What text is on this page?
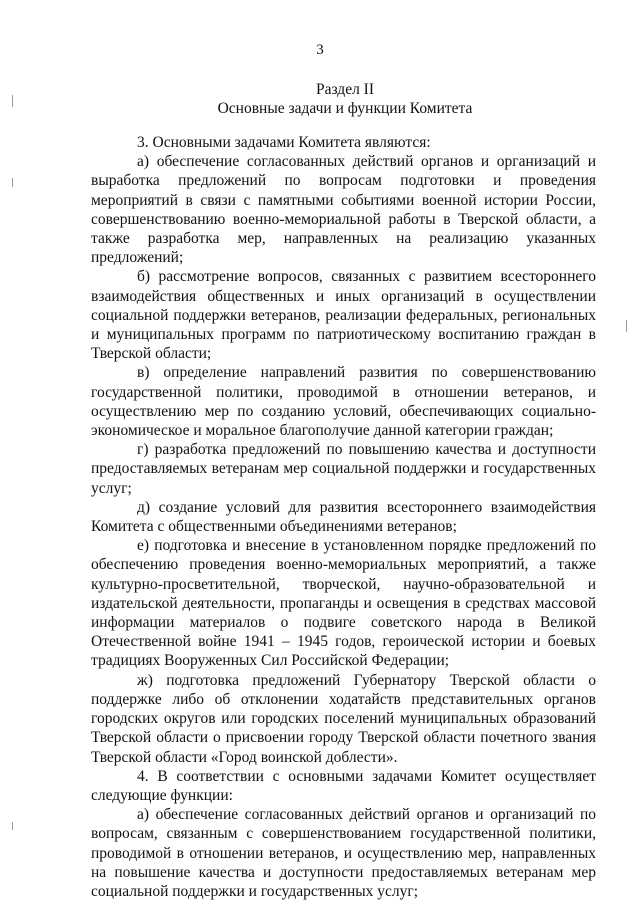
3
Раздел II
Основные задачи и функции Комитета

3. Основными задачами Комитета являются:

а) обеспечение согласованных действий органов и организаций и выработка предложений по вопросам подготовки и проведения мероприятий в связи с памятными событиями военной истории России, совершенствованию военно-мемориальной работы в Тверской области, а также разработка мер, направленных на реализацию указанных предложений;

б) рассмотрение вопросов, связанных с развитием всестороннего взаимодействия общественных и иных организаций в осуществлении социальной поддержки ветеранов, реализации федеральных, региональных и муниципальных программ по патриотическому воспитанию граждан в Тверской области;

в) определение направлений развития по совершенствованию государственной политики, проводимой в отношении ветеранов, и осуществлению мер по созданию условий, обеспечивающих социально-экономическое и моральное благополучие данной категории граждан;

г) разработка предложений по повышению качества и доступности предоставляемых ветеранам мер социальной поддержки и государственных услуг;

д) создание условий для развития всестороннего взаимодействия Комитета с общественными объединениями ветеранов;

е) подготовка и внесение в установленном порядке предложений по обеспечению проведения военно-мемориальных мероприятий, а также культурно-просветительной, творческой, научно-образовательной и издательской деятельности, пропаганды и освещения в средствах массовой информации материалов о подвиге советского народа в Великой Отечественной войне 1941 – 1945 годов, героической истории и боевых традициях Вооруженных Сил Российской Федерации;

ж) подготовка предложений Губернатору Тверской области о поддержке либо об отклонении ходатайств представительных органов городских округов или городских поселений муниципальных образований Тверской области о присвоении городу Тверской области почетного звания Тверской области «Город воинской доблести».

4. В соответствии с основными задачами Комитет осуществляет следующие функции:

а) обеспечение согласованных действий органов и организаций по вопросам, связанным с совершенствованием государственной политики, проводимой в отношении ветеранов, и осуществлению мер, направленных на повышение качества и доступности предоставляемых ветеранам мер социальной поддержки и государственных услуг;
